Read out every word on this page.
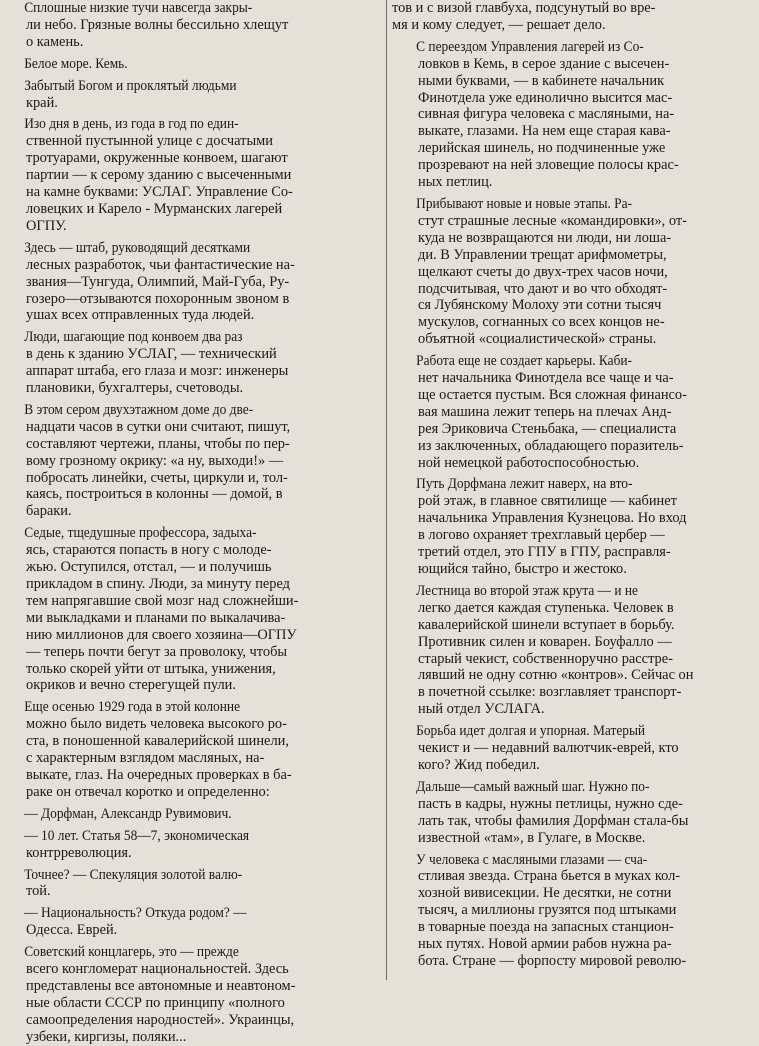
Сплошные низкие тучи навсегда закры-
ли небо. Грязные волны бессильно хлещут
о камень.

Белое море. Кемь.

Забытый Богом и проклятый людьми
край.

Изо дня в день, из года в год по един-
ственной пустынной улице с досчатыми
тротуарами, окруженные конвоем, шагают
партии — к серому зданию с высеченными
на камне буквами: УСЛАГ. Управление Со-
ловецких и Карело - Мурманских лагерей
ОГПУ.

Здесь — штаб, руководящий десятками
лесных разработок, чьи фантастические на-
звания—Тунгуда, Олимпий, Май-Губа, Ру-
гозеро—отзываются похоронным звоном в
ушах всех отправленных туда людей.

Люди, шагающие под конвоем два раз
в день к зданию УСЛАГ, — технический
аппарат штаба, его глаза и мозг: инженеры
плановики, бухгалтеры, счетоводы.

В этом сером двухэтажном доме до две-
надцати часов в сутки они считают, пишут,
составляют чертежи, планы, чтобы по пер-
вому грозному окрику: «а ну, выходи!» —
побросать линейки, счеты, циркули и, тол-
каясь, построиться в колонны — домой, в
бараки.

Седые, тщедушные профессора, задыха-
ясь, стараются попасть в ногу с молоде-
жью. Оступился, отстал, — и получишь
прикладом в спину. Люди, за минуту перед
тем напрягавшие свой мозг над сложнейши-
ми выкладками и планами по выкалачива-
нию миллионов для своего хозяина—ОГПУ
— теперь почти бегут за проволоку, чтобы
только скорей уйти от штыка, унижения,
окриков и вечно стерегущей пули.

Еще осенью 1929 года в этой колонне
можно было видеть человека высокого ро-
ста, в поношенной кавалерийской шинели,
с характерным взглядом масляных, на-
выкате, глаз. На очередных проверках в ба-
раке он отвечал коротко и определенно:

— Дорфман, Александр Рувимович.

— 10 лет. Статья 58—7, экономическая
контрреволюция.

Точнее? — Спекуляция золотой валю-
той.

— Национальность? Откуда родом? —
Одесса. Еврей.

Советский концлагерь, это — прежде
всего конгломерат национальностей. Здесь
представлены все автономные и неавтоном-
ные области СССР по принципу «полного
самоопределения народностей». Украинцы,
узбеки, киргизы, поляки...

тов и с визой главбуха, подсунутый во вре-
мя и кому следует, — решает дело.

С переездом Управления лагерей из Со-
ловков в Кемь, в серое здание с высечен-
ными буквами, — в кабинете начальник
Финотдела уже единолично высится мас-
сивная фигура человека с масляными, на-
выкате, глазами. На нем еще старая кава-
лерийская шинель, но подчиненные уже
прозревают на ней зловещие полосы крас-
ных петлиц.

Прибывают новые и новые этапы. Ра-
стут страшные лесные «командировки», от-
куда не возвращаются ни люди, ни лоша-
ди. В Управлении трещат арифмометры,
щелкают счеты до двух-трех часов ночи,
подсчитывая, что дают и во что обходят-
ся Лубянскому Молоху эти сотни тысяч
мускулов, согнанных со всех концов не-
объятной «социалистической» страны.

Работа еще не создает карьеры. Каби-
нет начальника Финотдела все чаще и ча-
ще остается пустым. Вся сложная финансо-
вая машина лежит теперь на плечах Анд-
рея Эриковича Стеньбака, — специалиста
из заключенных, обладающего поразитель-
ной немецкой работоспособностью.

Путь Дорфмана лежит наверх, на вто-
рой этаж, в главное святилище — кабинет
начальника Управления Кузнецова. Но вход
в логово охраняет трехглавый цербер —
третий отдел, это ГПУ в ГПУ, расправля-
ющийся тайно, быстро и жестоко.

Лестница во второй этаж крута — и не
легко дается каждая ступенька. Человек в
кавалерийской шинели вступает в борьбу.
Противник силен и коварен. Боуфалло —
старый чекист, собственноручно расстре-
лявший не одну сотню «контров». Сейчас он
в почетной ссылке: возглавляет транспорт-
ный отдел УСЛАГА.

Борьба идет долгая и упорная. Матерый
чекист и — недавний валютчик-еврей, кто
кого? Жид победил.

Дальше—самый важный шаг. Нужно по-
пасть в кадры, нужны петлицы, нужно сде-
лать так, чтобы фамилия Дорфман стала-бы
известной «там», в Гулаге, в Москве.

У человека с масляными глазами — сча-
стливая звезда. Страна бьется в муках кол-
хозной вивисекции. Не десятки, не сотни
тысяч, а миллионы грузятся под штыками
в товарные поезда на запасных станцион-
ных путях. Новой армии рабов нужна ра-
бота. Стране — форпосту мировой револю-
